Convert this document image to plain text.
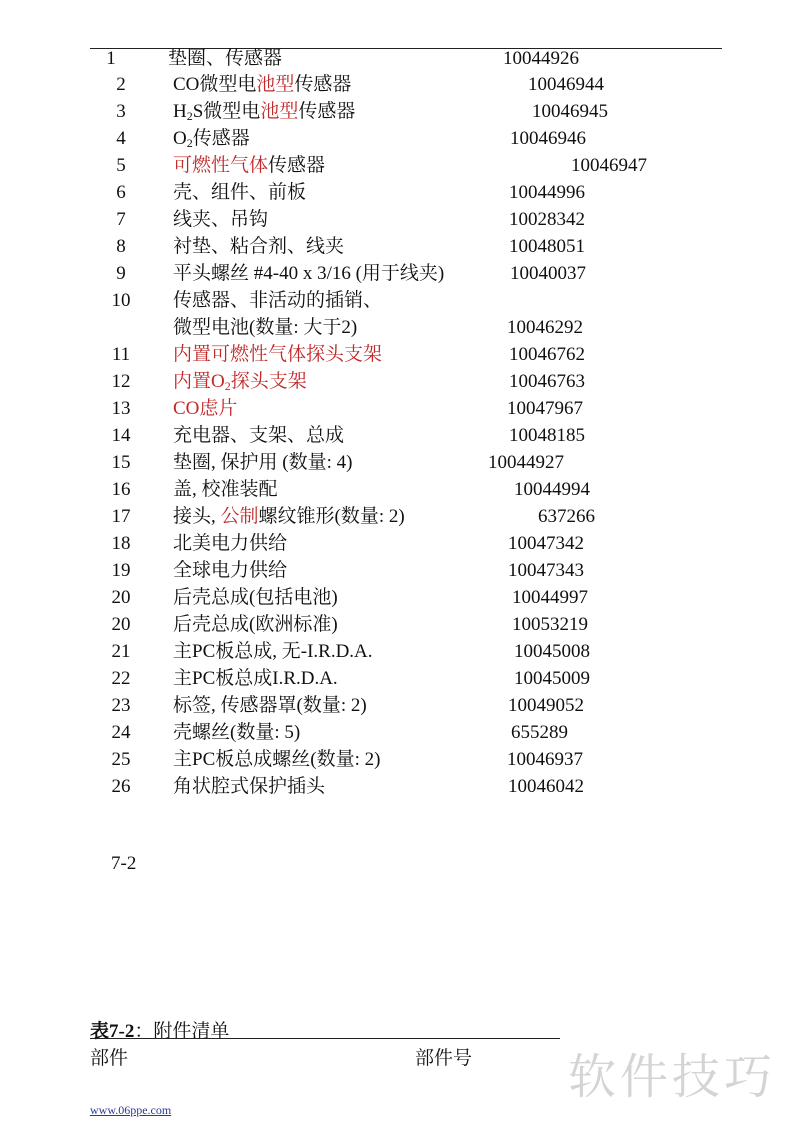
1	垫圈、传感器	10044926
2	CO微型电池型传感器	10046944
3	$H_2S$微型电池型传感器	10046945
4	$O_2$传感器	10046946
5	可燃性气体传感器	10046947
6	壳、组件、前板	10044996
7	线夹、吊钩	10028342
8	衬垫、粘合剂、线夹	10048051
9	平头螺丝 #4-40 x 3/16 (用于线夹)	10040037
10	传感器、非活动的插销、
微型电池(数量: 大于2)	10046292
11	内置可燃性气体探头支架	10046762
12	内置$O_2$探头支架	10046763
13	CO虑片	10047967
14	充电器、支架、总成	10048185
15	垫圈, 保护用 (数量: 4)	10044927
16	盖, 校准装配	10044994
17	接头, 公制螺纹锥形(数量: 2)	637266
18	北美电力供给	10047342
19	全球电力供给	10047343
20	后壳总成(包括电池)	10044997
20	后壳总成(欧洲标准)	10053219
21	主PC板总成, 无-I.R.D.A.	10045008
22	主PC板总成I.R.D.A.	10045009
23	标签, 传感器罩(数量: 2)	10049052
24	壳螺丝(数量: 5)	655289
25	主PC板总成螺丝(数量: 2)	10046937
26	角状腔式保护插头	10046042
7-2
表7-2：附件清单
部件	部件号 软件技巧
www.06ppe.com
